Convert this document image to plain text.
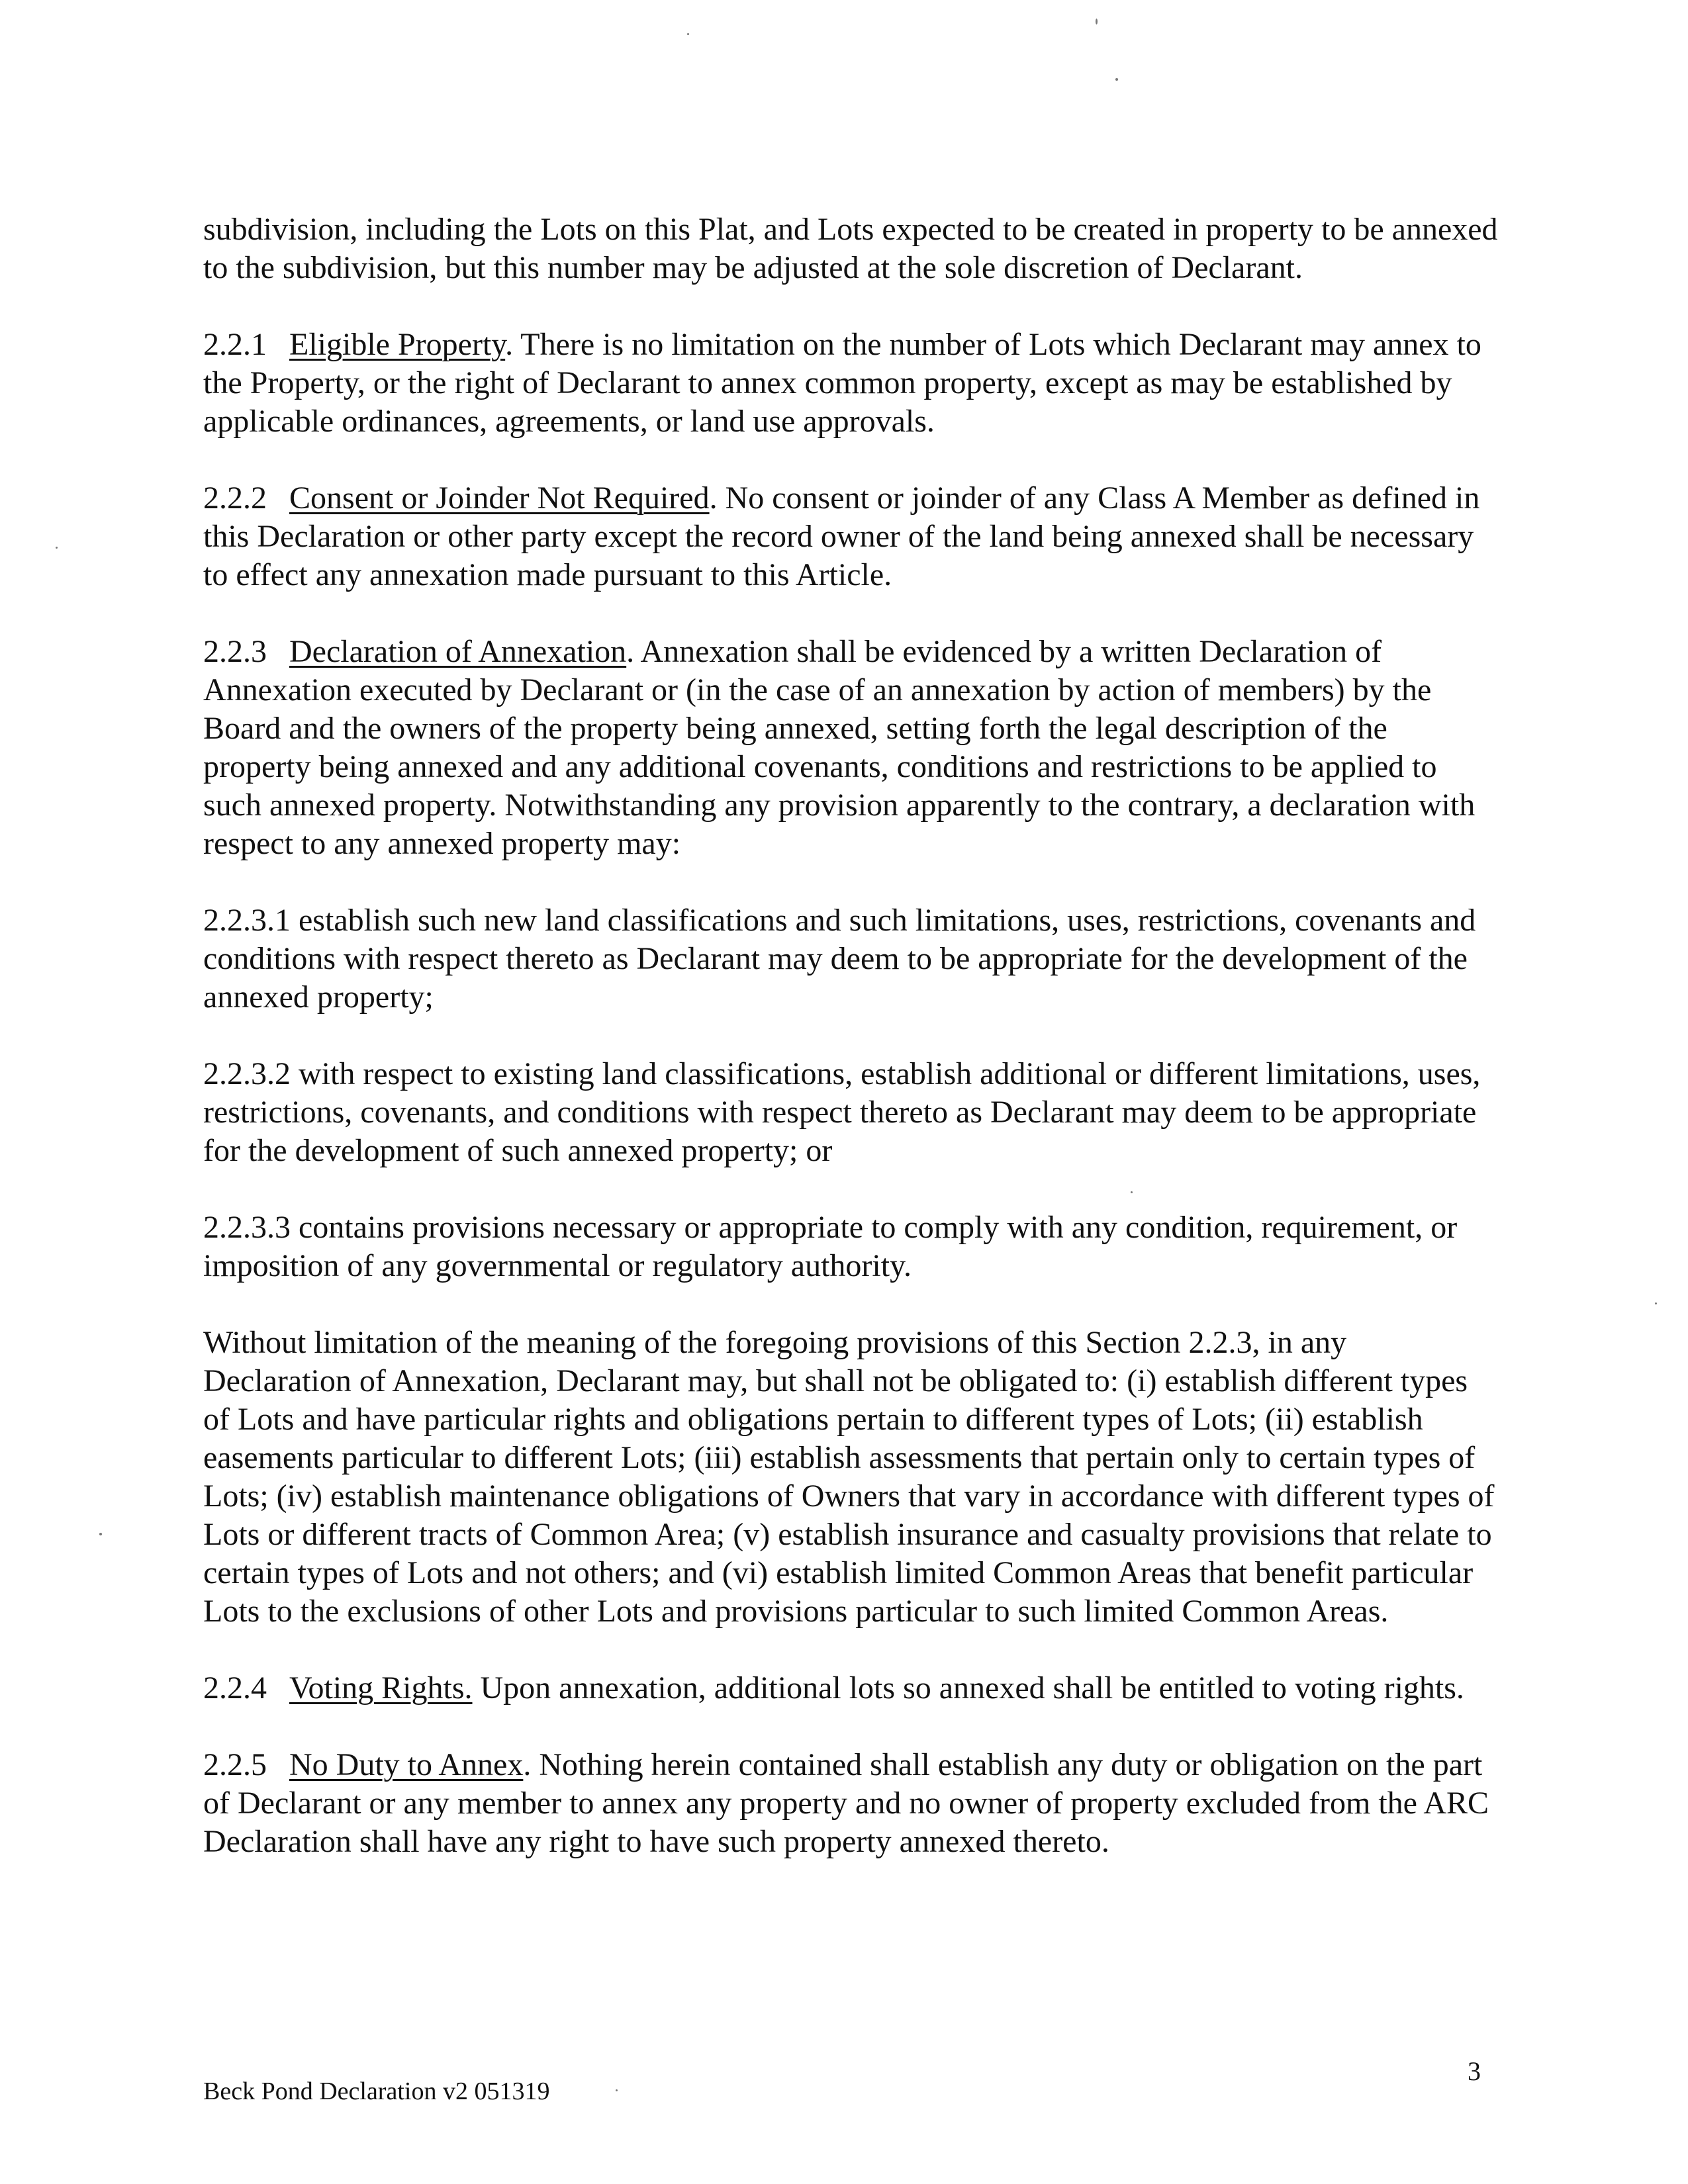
subdivision, including the Lots on this Plat, and Lots expected to be created in property to be annexed to the subdivision, but this number may be adjusted at the sole discretion of Declarant.

2.2.1 Eligible Property. There is no limitation on the number of Lots which Declarant may annex to the Property, or the right of Declarant to annex common property, except as may be established by applicable ordinances, agreements, or land use approvals.

2.2.2 Consent or Joinder Not Required. No consent or joinder of any Class A Member as defined in this Declaration or other party except the record owner of the land being annexed shall be necessary to effect any annexation made pursuant to this Article.

2.2.3 Declaration of Annexation. Annexation shall be evidenced by a written Declaration of Annexation executed by Declarant or (in the case of an annexation by action of members) by the Board and the owners of the property being annexed, setting forth the legal description of the property being annexed and any additional covenants, conditions and restrictions to be applied to such annexed property. Notwithstanding any provision apparently to the contrary, a declaration with respect to any annexed property may:

2.2.3.1 establish such new land classifications and such limitations, uses, restrictions, covenants and conditions with respect thereto as Declarant may deem to be appropriate for the development of the annexed property;

2.2.3.2 with respect to existing land classifications, establish additional or different limitations, uses, restrictions, covenants, and conditions with respect thereto as Declarant may deem to be appropriate for the development of such annexed property; or

2.2.3.3 contains provisions necessary or appropriate to comply with any condition, requirement, or imposition of any governmental or regulatory authority.

Without limitation of the meaning of the foregoing provisions of this Section 2.2.3, in any Declaration of Annexation, Declarant may, but shall not be obligated to: (i) establish different types of Lots and have particular rights and obligations pertain to different types of Lots; (ii) establish easements particular to different Lots; (iii) establish assessments that pertain only to certain types of Lots; (iv) establish maintenance obligations of Owners that vary in accordance with different types of Lots or different tracts of Common Area; (v) establish insurance and casualty provisions that relate to certain types of Lots and not others; and (vi) establish limited Common Areas that benefit particular Lots to the exclusions of other Lots and provisions particular to such limited Common Areas.

2.2.4 Voting Rights. Upon annexation, additional lots so annexed shall be entitled to voting rights.

2.2.5 No Duty to Annex. Nothing herein contained shall establish any duty or obligation on the part of Declarant or any member to annex any property and no owner of property excluded from the ARC Declaration shall have any right to have such property annexed thereto.

3
Beck Pond Declaration v2 051319
